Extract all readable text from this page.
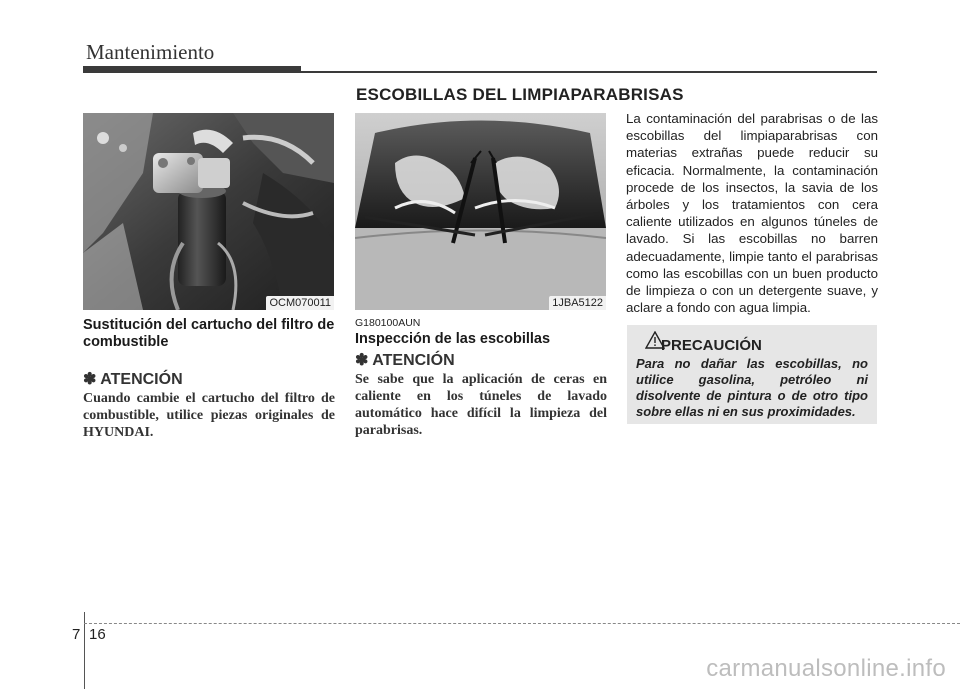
Mantenimiento
ESCOBILLAS DEL LIMPIAPARABRISAS
OCM070011
Sustitución del cartucho del filtro de combustible
✽ ATENCIÓN
Cuando cambie el cartucho del filtro de combustible, utilice piezas originales de HYUNDAI.
1JBA5122
G180100AUN
Inspección de las escobillas
✽ ATENCIÓN
Se sabe que la aplicación de ceras en caliente en los túneles de lavado automático hace difícil la limpieza del parabrisas.
La contaminación del parabrisas o de las escobillas del limpiaparabrisas con materias extrañas puede reducir su eficacia. Normalmente, la contaminación procede de los insectos, la savia de los árboles y los tratamientos con cera caliente utilizados en algunos túneles de lavado. Si las escobillas no barren adecuadamente, limpie tanto el parabrisas como las escobillas con un buen producto de limpieza o con un detergente suave, y aclare a fondo con agua limpia.
PRECAUCIÓN
Para no dañar las escobillas, no utilice gasolina, petróleo ni disolvente de pintura o de otro tipo sobre ellas ni en sus proximidades.
7 16
carmanualsonline.info
